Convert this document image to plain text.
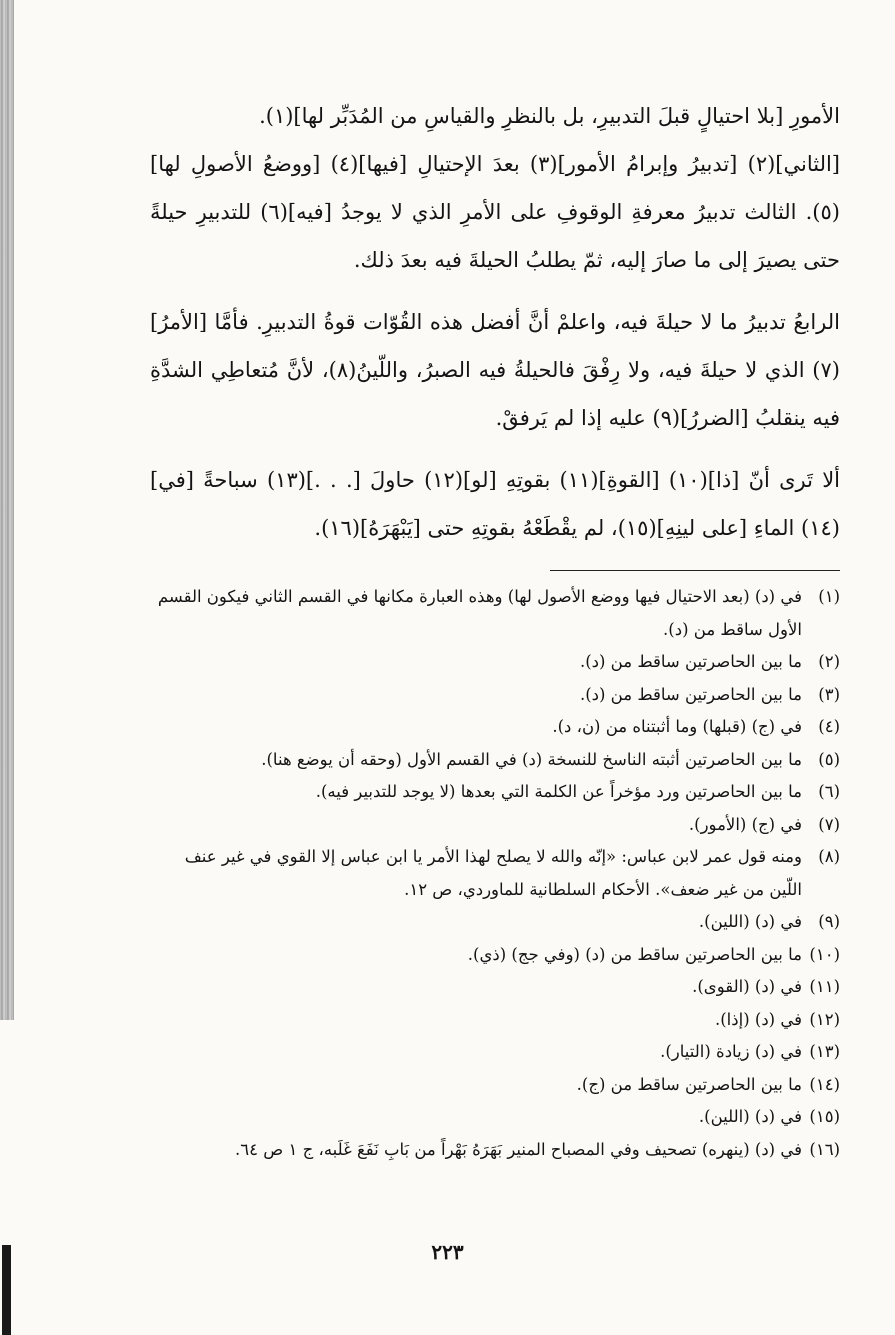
الأمورِ [بلا احتيالٍ قبلَ التدبيرِ، بل بالنظرِ والقياسِ من المُدَبِّر لها](١).
[الثاني](٢) [تدبيرُ وإبرامُ الأمور](٣) بعدَ الإحتيالِ [فيها](٤) [ووضعُ الأصولِ لها](٥). الثالث تدبيرُ معرفةِ الوقوفِ على الأمرِ الذي لا يوجدُ [فيه](٦) للتدبيرِ حيلةً حتى يصيرَ إلى ما صارَ إليه، ثمّ يطلبُ الحيلةَ فيه بعدَ ذلك.

الرابعُ تدبيرُ ما لا حيلةَ فيه، واعلمْ أنَّ أفضل هذه القُوّات قوةُ التدبيرِ. فأمَّا [الأمرُ](٧) الذي لا حيلةَ فيه، ولا رِفْقَ فالحيلةُ فيه الصبرُ، واللّينُ(٨)، لأنَّ مُتعاطِي الشدَّةِ فيه ينقلبُ [الضررُ](٩) عليه إذا لم يَرفقْ.

ألا تَرى أنّ [ذا](١٠) [القوةِ](١١) بقوتِهِ [لو](١٢) حاولَ [. . .](١٣) سباحةً [في](١٤) الماءِ [على لينِهِ](١٥)، لم يقْطَعْهُ بقوتِهِ حتى [يَبْهَرَهُ](١٦).

(١)
في (د) (بعد الاحتيال فيها ووضع الأصول لها) وهذه العبارة مكانها في القسم الثاني فيكون القسم الأول ساقط من (د).
(٢)
ما بين الحاصرتين ساقط من (د).
(٣)
ما بين الحاصرتين ساقط من (د).
(٤)
في (ج) (قبلها) وما أثبتناه من (ن، د).
(٥)
ما بين الحاصرتين أثبته الناسخ للنسخة (د) في القسم الأول (وحقه أن يوضع هنا).
(٦)
ما بين الحاصرتين ورد مؤخراً عن الكلمة التي بعدها (لا يوجد للتدبير فيه).
(٧)
في (ج) (الأمور).
(٨)
ومنه قول عمر لابن عباس: «إنّه والله لا يصلح لهذا الأمر يا ابن عباس إلا القوي في غير عنف اللّين من غير ضعف». الأحكام السلطانية للماوردي، ص ١٢.
(٩)
في (د) (اللين).
(١٠)
ما بين الحاصرتين ساقط من (د) (وفي جج) (ذي).
(١١)
في (د) (القوى).
(١٢)
في (د) (إذا).
(١٣)
في (د) زيادة (التيار).
(١٤)
ما بين الحاصرتين ساقط من (ج).
(١٥)
في (د) (اللين).
(١٦)
في (د) (ينهره) تصحيف وفي المصباح المنير بَهَرَهُ بَهْراً من بَابِ نَفَعَ غَلَبه، ج ١ ص ٦٤.
٢٢٣
